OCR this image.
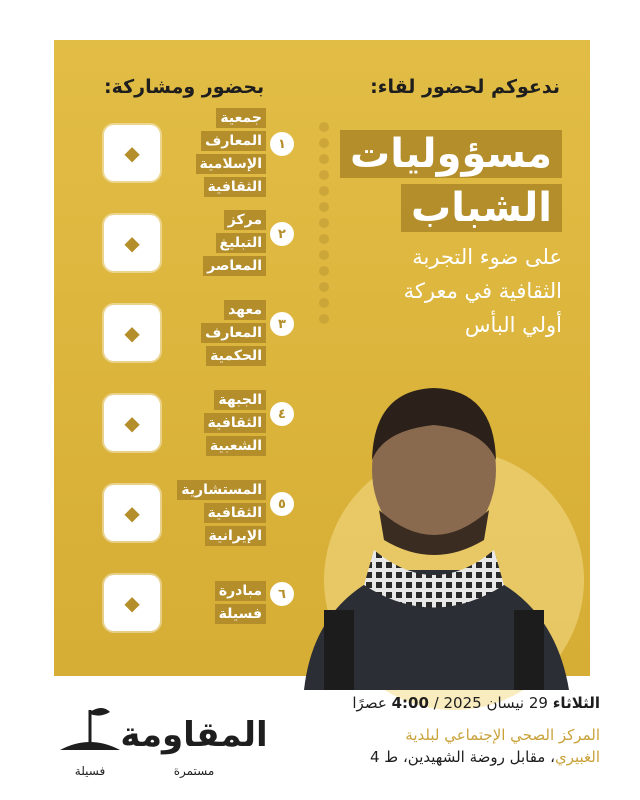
ندعوكم لحضور لقاء:
بحضور ومشاركة:
مسؤوليات
الشباب
على ضوء التجربة
الثقافية في معركة
أولي البأس
١
جمعية
المعارف
الإسلامية
الثقافية

◆
٢
مركز
التبليغ
المعاصر

◆
٣
معهد
المعارف
الحكمية

◆
٤
الجبهة
الثقافية
الشعبية

◆
٥
المستشارية
الثقافية
الإيرانية

◆
٦
مبادرة
فسيلة

◆
الثلاثاء 29 نيسان 2025 / 4:00 عصرًا
المركز الصحي الإجتماعي لبلدية
الغبيري، مقابل روضة الشهيدين، ط 4
المقاومة
مستمرة
فسيلة
